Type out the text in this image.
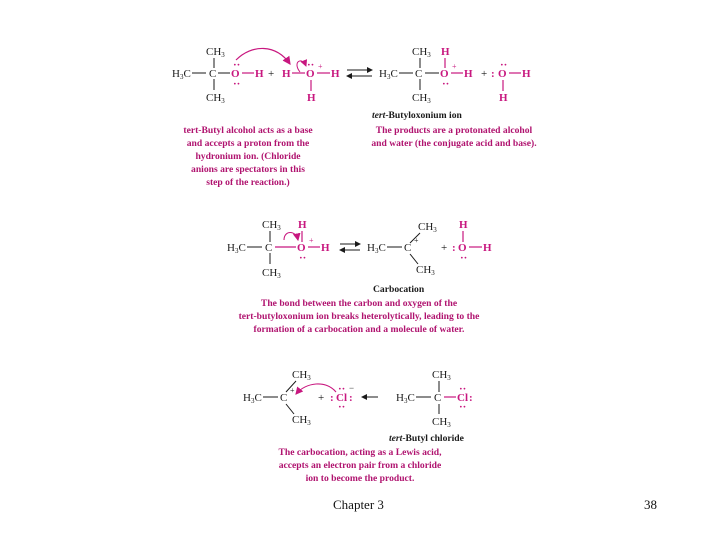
CH3
H3C C O
··
··
H
CH3
+ H O
·· +
H
H
CH3 H
H3C C O
··
+
H
CH3
+ : O
··
H
H
tert-Butyloxonium ion
tert-Butyl alcohol acts as a base
and accepts a proton from the
hydronium ion. (Chloride
anions are spectators in this
step of the reaction.)
The products are a protonated alcohol
and water (the conjugate acid and base).
CH3 H
H3C C O
··
+
H
CH3
CH3
H3C C
+
CH3
+ : O
··
H
H
Carbocation
The bond between the carbon and oxygen of the
tert-butyloxonium ion breaks heterolytically, leading to the
formation of a carbocation and a molecule of water.
CH3
H3C C
+
CH3
+ : Cl
··
··
:
−
CH3
H3C C Cl
··
··
:
CH3
tert-Butyl chloride
The carbocation, acting as a Lewis acid,
accepts an electron pair from a chloride
ion to become the product.
Chapter 3	38
